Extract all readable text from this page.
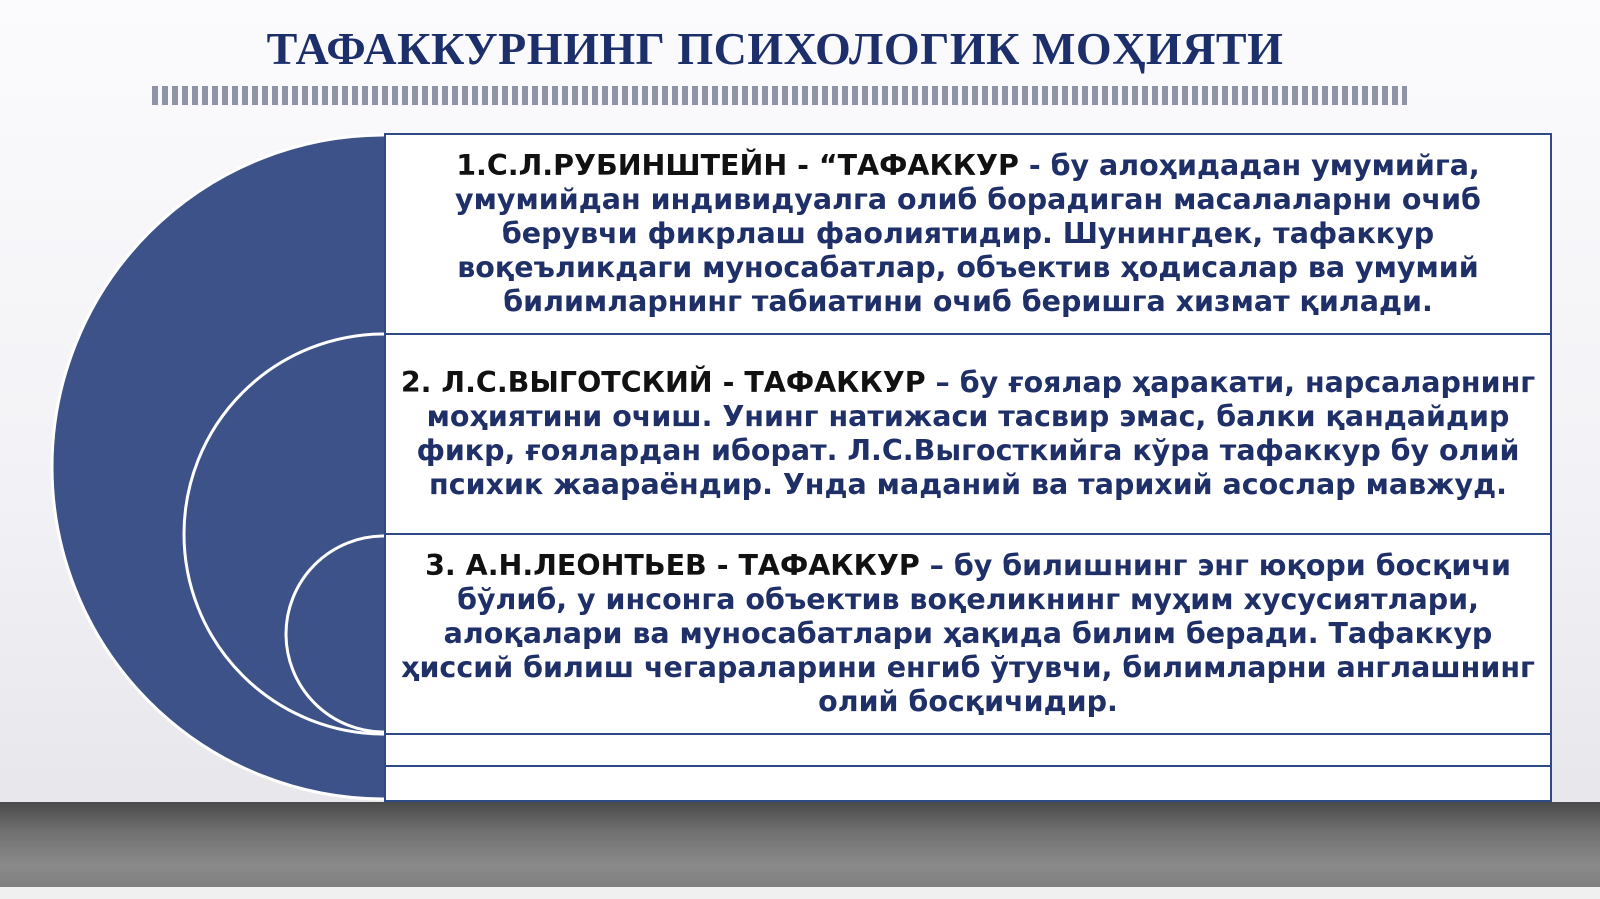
ТАФАККУРНИНГ ПСИХОЛОГИК МОҲИЯТИ
1.С.Л.РУБИНШТЕЙН - “ТАФАККУР - бу алоҳидадан умумийга, умумийдан индивидуалга олиб борадиган масалаларни очиб берувчи фикрлаш фаолиятидир. Шунингдек, тафаккур воқеъликдаги муносабатлар, объектив ҳодисалар ва умумий билимларнинг табиатини очиб беришга хизмат қилади.
2. Л.С.ВЫГОТСКИЙ - ТАФАККУР – бу ғоялар ҳаракати, нарсаларнинг моҳиятини очиш. Унинг натижаси тасвир эмас, балки қандайдир фикр, ғоялардан иборат. Л.С.Выгосткийга кўра тафаккур бу олий психик жаараёндир. Унда маданий ва тарихий асослар мавжуд.
3. А.Н.ЛЕОНТЬЕВ - ТАФАККУР – бу билишнинг энг юқори босқичи бўлиб, у инсонга объектив воқеликнинг муҳим хусусиятлари, алоқалари ва муносабатлари ҳақида билим беради. Тафаккур ҳиссий билиш чегараларини енгиб ўтувчи, билимларни англашнинг олий босқичидир.
